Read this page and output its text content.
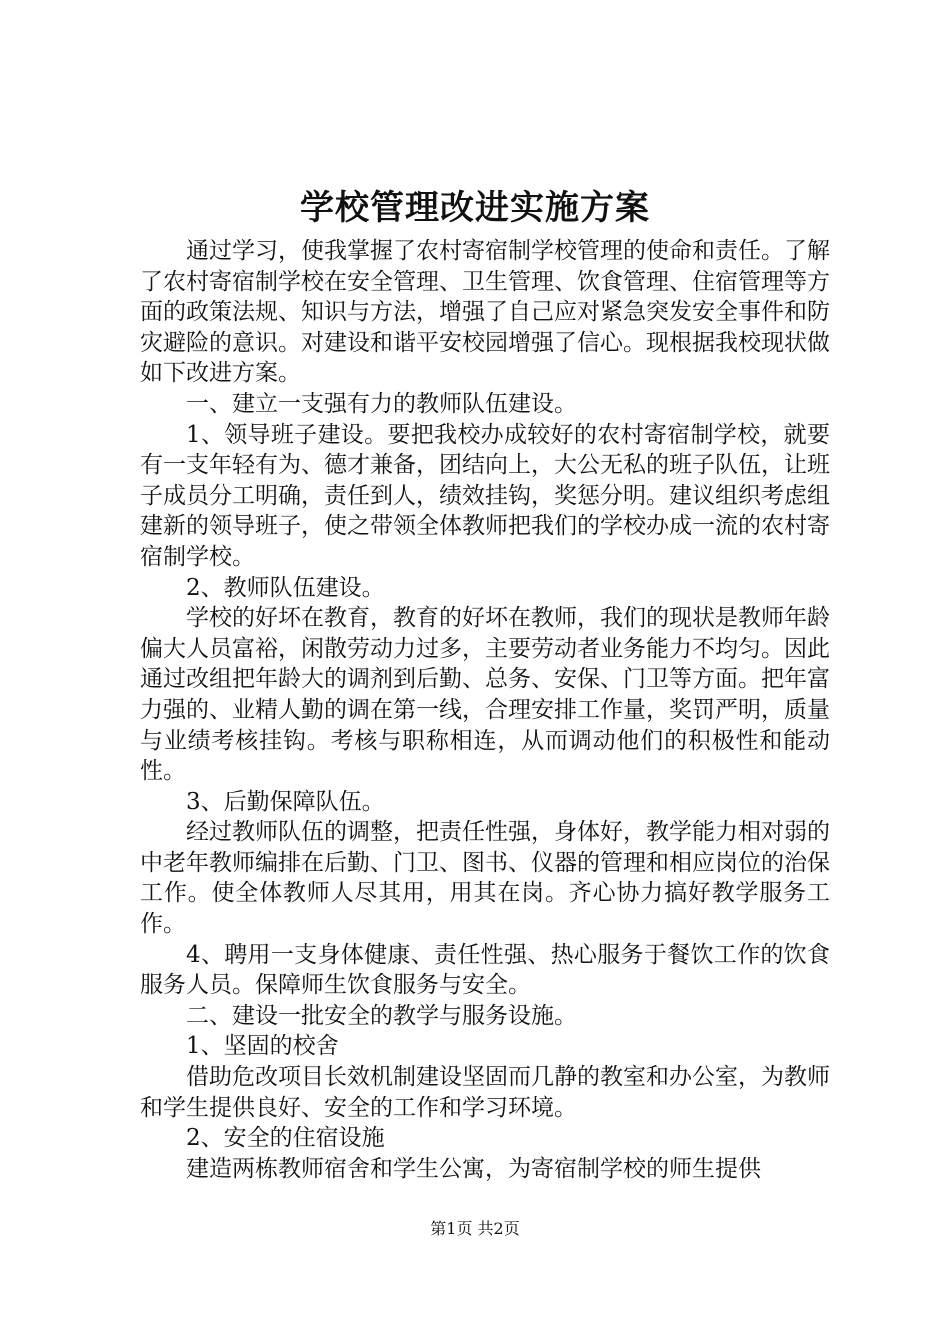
学校管理改进实施方案

通过学习，使我掌握了农村寄宿制学校管理的使命和责任。了解了农村寄宿制学校在安全管理、卫生管理、饮食管理、住宿管理等方面的政策法规、知识与方法，增强了自己应对紧急突发安全事件和防灾避险的意识。对建设和谐平安校园增强了信心。现根据我校现状做如下改进方案。

一、建立一支强有力的教师队伍建设。

1、领导班子建设。要把我校办成较好的农村寄宿制学校，就要有一支年轻有为、德才兼备，团结向上，大公无私的班子队伍，让班子成员分工明确，责任到人，绩效挂钩，奖惩分明。建议组织考虑组建新的领导班子，使之带领全体教师把我们的学校办成一流的农村寄宿制学校。

2、教师队伍建设。

学校的好坏在教育，教育的好坏在教师，我们的现状是教师年龄偏大人员富裕，闲散劳动力过多，主要劳动者业务能力不均匀。因此通过改组把年龄大的调剂到后勤、总务、安保、门卫等方面。把年富力强的、业精人勤的调在第一线，合理安排工作量，奖罚严明，质量与业绩考核挂钩。考核与职称相连，从而调动他们的积极性和能动性。

3、后勤保障队伍。

经过教师队伍的调整，把责任性强，身体好，教学能力相对弱的中老年教师编排在后勤、门卫、图书、仪器的管理和相应岗位的治保工作。使全体教师人尽其用，用其在岗。齐心协力搞好教学服务工作。

4、聘用一支身体健康、责任性强、热心服务于餐饮工作的饮食服务人员。保障师生饮食服务与安全。

二、建设一批安全的教学与服务设施。

1、坚固的校舍

借助危改项目长效机制建设坚固而几静的教室和办公室，为教师和学生提供良好、安全的工作和学习环境。

2、安全的住宿设施

建造两栋教师宿舍和学生公寓，为寄宿制学校的师生提供

第1页 共2页
